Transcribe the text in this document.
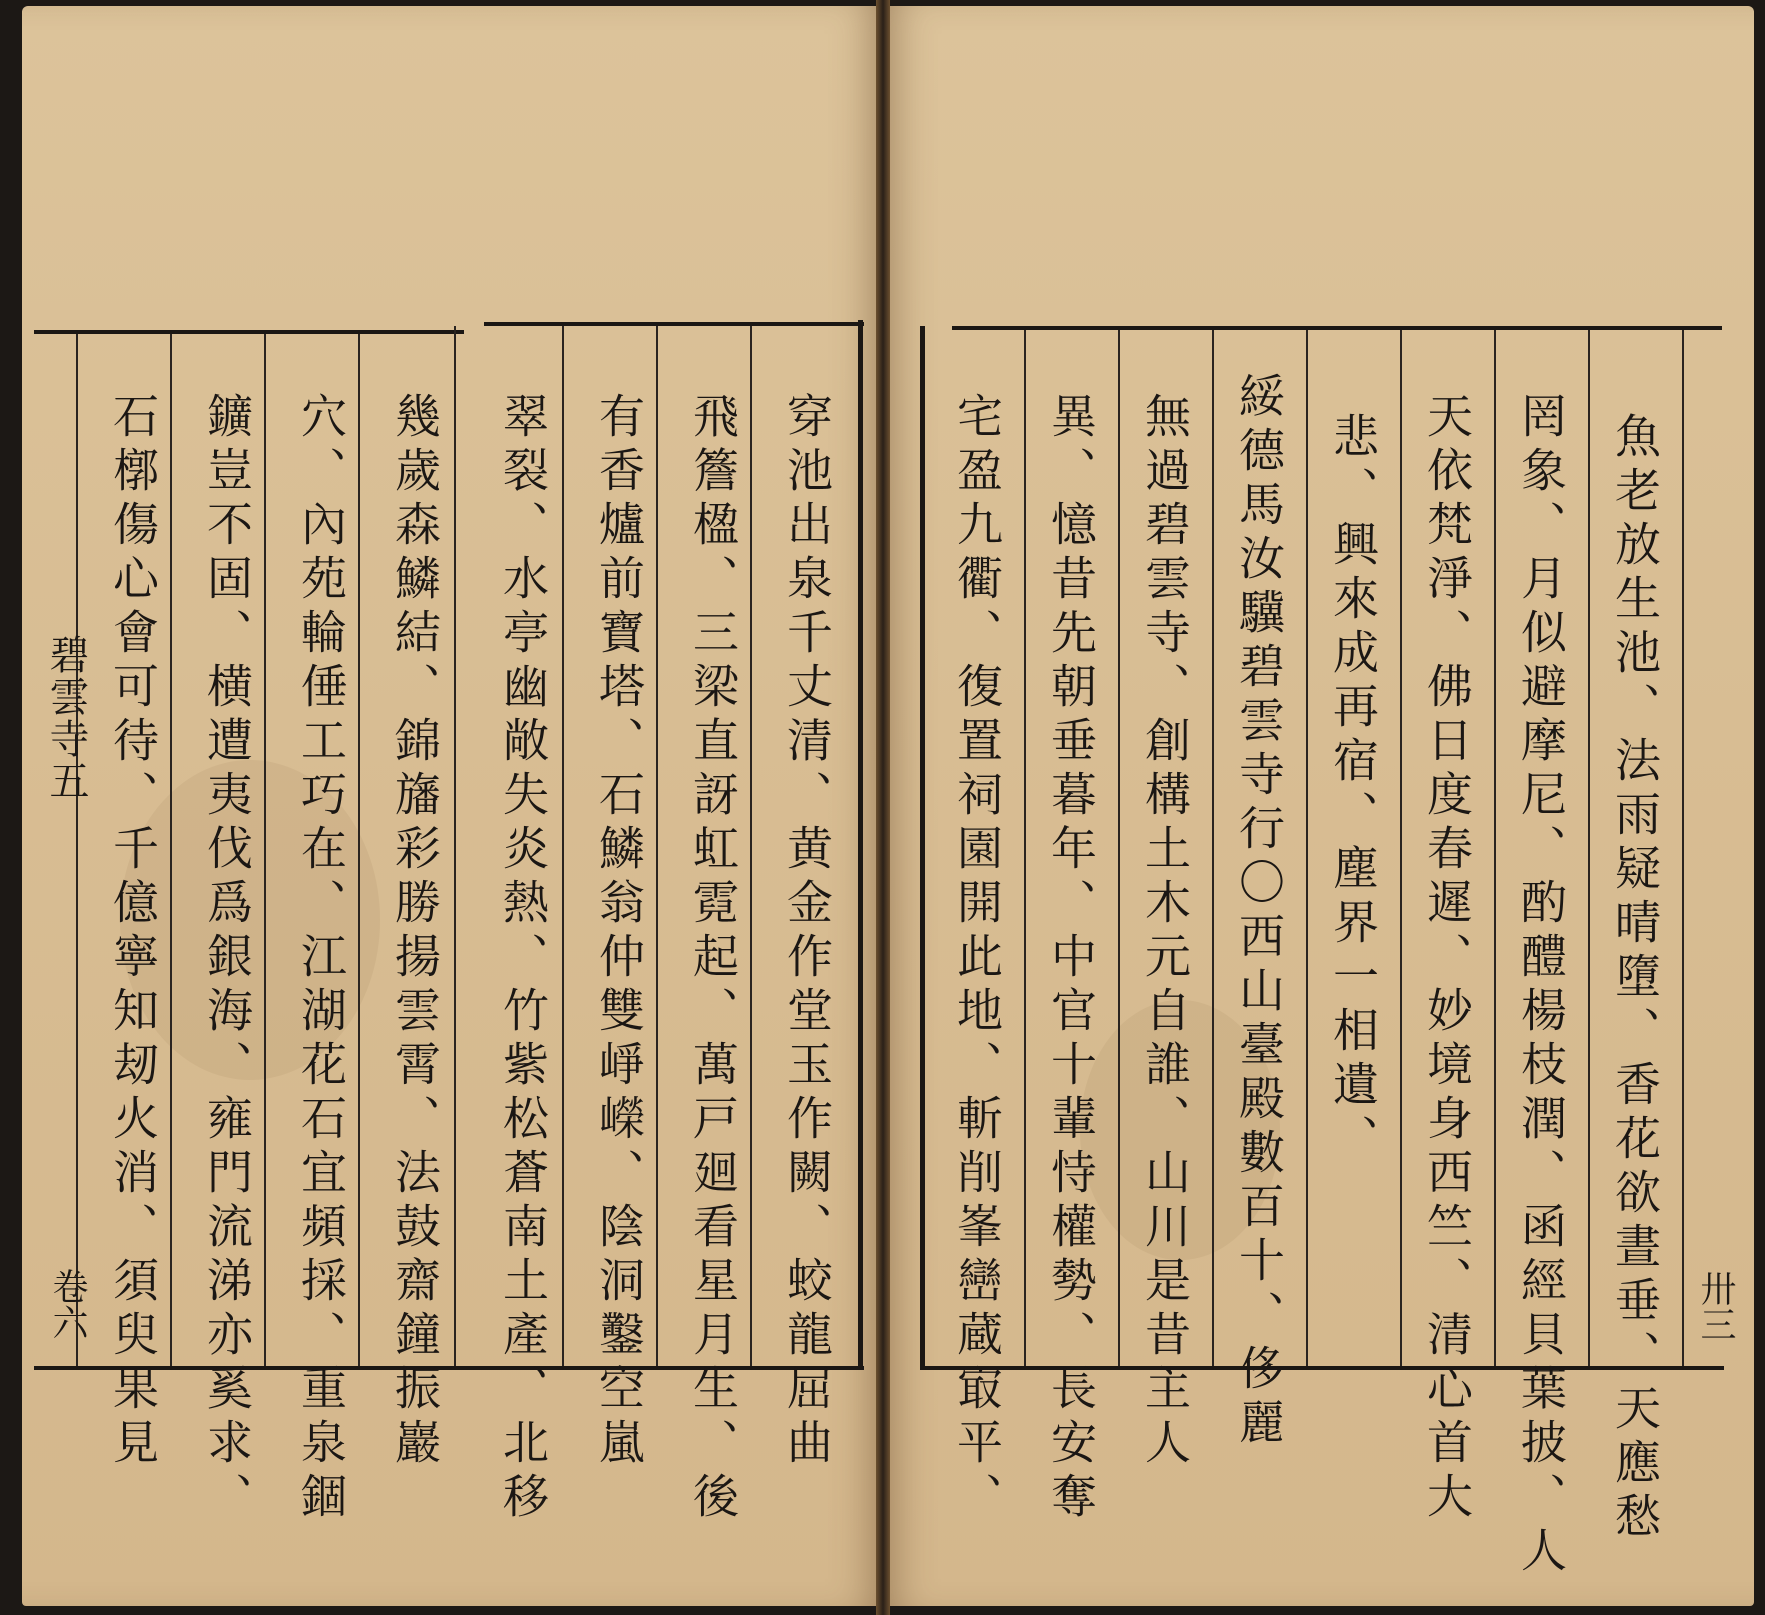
穿池出泉千丈清、黄金作堂玉作闕、蛟龍屈曲
飛簷楹、三梁直訝虹霓起、萬戸廻看星月生、後
有香爐前寶塔、石鱗翁仲雙崢嶸、陰洞鑿空嵐
翠裂、水亭幽敞失炎熱、竹紫松蒼南土產、北移
幾歲森鱗結、錦旛彩勝揚雲霄、法鼓齋鐘振巖
穴、內苑輪倕工巧在、江湖花石宜頻採、重泉錮
鑛豈不固、横遭夷伐爲銀海、雍門流涕亦奚求、
石槨傷心會可待、千億寧知刼火消、須臾果見
碧雲寺五
卷六	魚老放生池、法雨疑晴墮、香花欲晝垂、天應愁
罔象、月似避摩尼、酌醴楊枝潤、函經貝葉披、人
天依梵淨、佛日度春遲、妙境身西竺、清心首大
悲、興來成再宿、塵界一相遺、
綏德馬汝驥碧雲寺行〇西山臺殿數百十、侈麗
無過碧雲寺、創構土木元自誰、山川是昔主人
異、憶昔先朝垂暮年、中官十輩恃權勢、長安奪
宅盈九衢、復置祠園開此地、斬削峯巒蔵㝡平、	卅三
